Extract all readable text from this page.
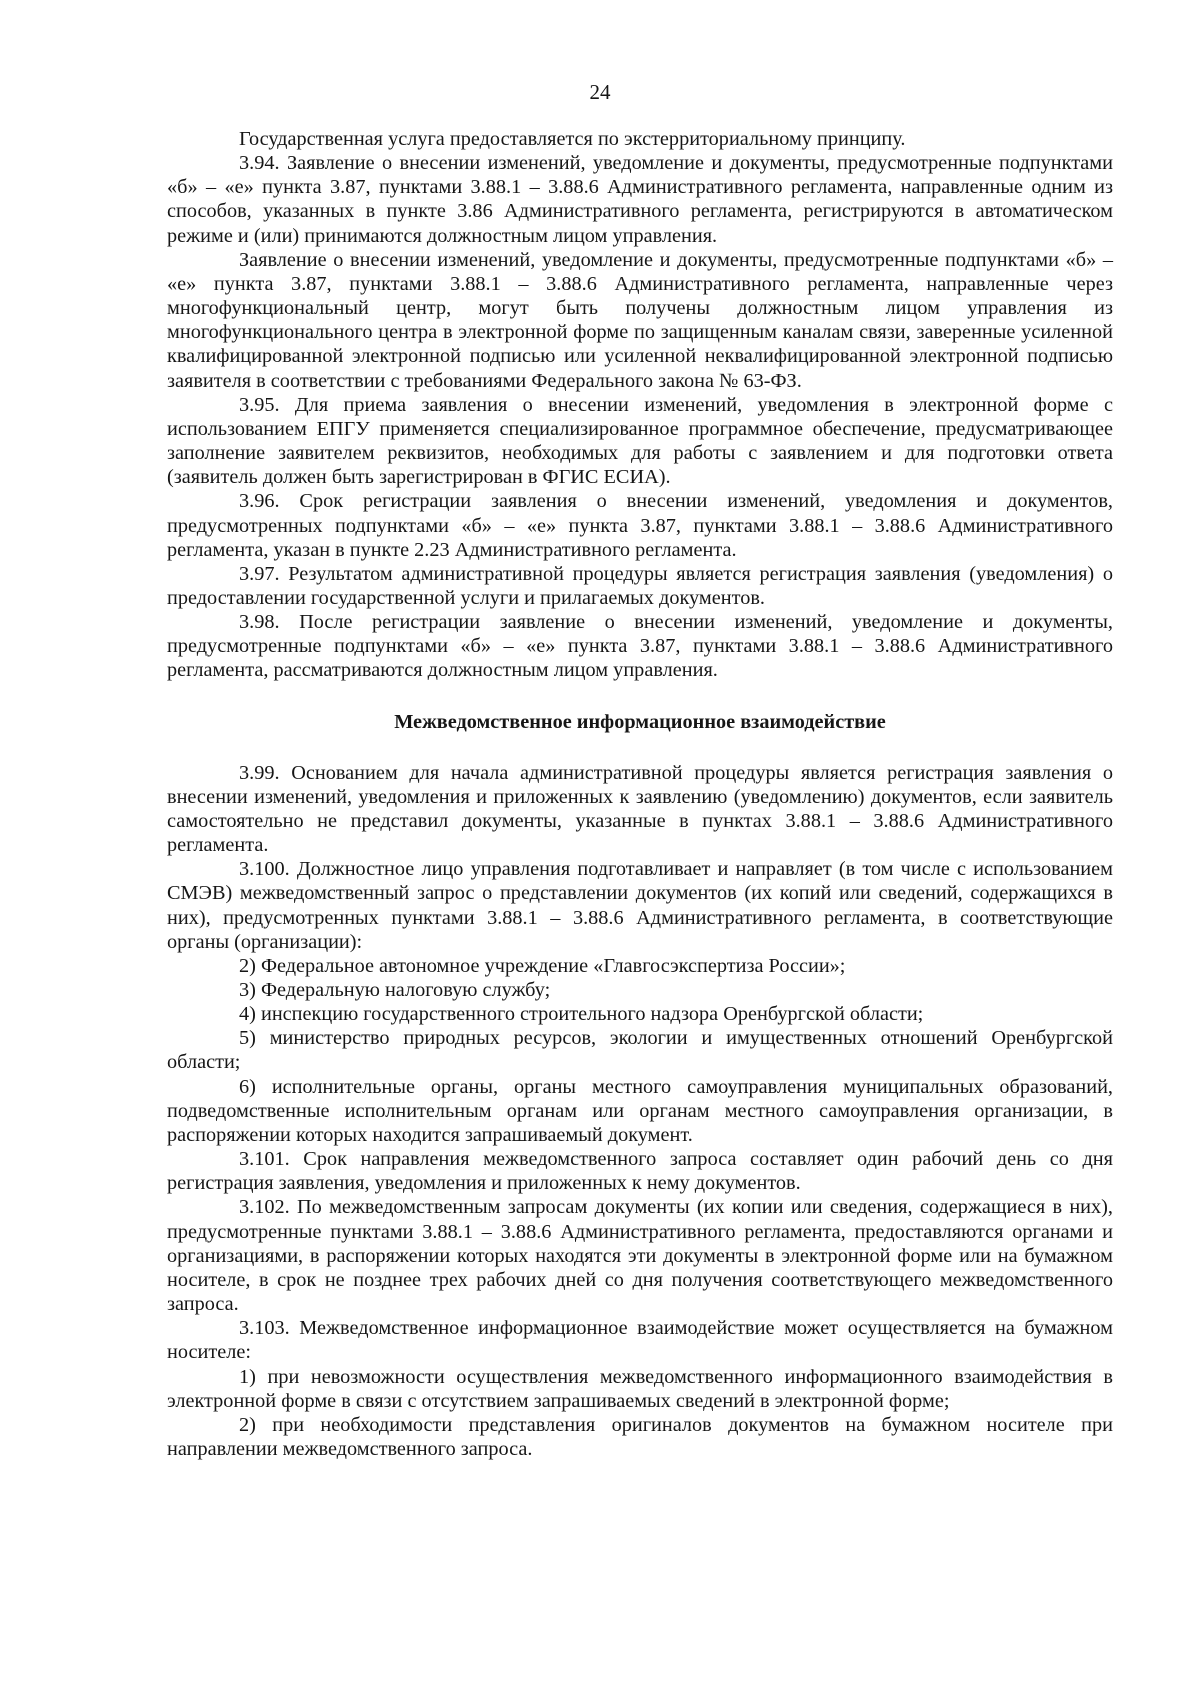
24

Государственная услуга предоставляется по экстерриториальному принципу.

3.94. Заявление о внесении изменений, уведомление и документы, предусмотренные подпунктами «б» – «е» пункта 3.87, пунктами 3.88.1 – 3.88.6 Административного регламента, направленные одним из способов, указанных в пункте 3.86 Административного регламента, регистрируются в автоматическом режиме и (или) принимаются должностным лицом управления.

Заявление о внесении изменений, уведомление и документы, предусмотренные подпунктами «б» – «е» пункта 3.87, пунктами 3.88.1 – 3.88.6 Административного регламента, направленные через многофункциональный центр, могут быть получены должностным лицом управления из многофункционального центра в электронной форме по защищенным каналам связи, заверенные усиленной квалифицированной электронной подписью или усиленной неквалифицированной электронной подписью заявителя в соответствии с требованиями Федерального закона № 63-ФЗ.

3.95. Для приема заявления о внесении изменений, уведомления в электронной форме с использованием ЕПГУ применяется специализированное программное обеспечение, предусматривающее заполнение заявителем реквизитов, необходимых для работы с заявлением и для подготовки ответа (заявитель должен быть зарегистрирован в ФГИС ЕСИА).

3.96. Срок регистрации заявления о внесении изменений, уведомления и документов, предусмотренных подпунктами «б» – «е» пункта 3.87, пунктами 3.88.1 – 3.88.6 Административного регламента, указан в пункте 2.23 Административного регламента.

3.97. Результатом административной процедуры является регистрация заявления (уведомления) о предоставлении государственной услуги и прилагаемых документов.

3.98. После регистрации заявление о внесении изменений, уведомление и документы, предусмотренные подпунктами «б» – «е» пункта 3.87, пунктами 3.88.1 – 3.88.6 Административного регламента, рассматриваются должностным лицом управления.

Межведомственное информационное взаимодействие

3.99. Основанием для начала административной процедуры является регистрация заявления о внесении изменений, уведомления и приложенных к заявлению (уведомлению) документов, если заявитель самостоятельно не представил документы, указанные в пунктах 3.88.1 – 3.88.6 Административного регламента.

3.100. Должностное лицо управления подготавливает и направляет (в том числе с использованием СМЭВ) межведомственный запрос о представлении документов (их копий или сведений, содержащихся в них), предусмотренных пунктами 3.88.1 – 3.88.6 Административного регламента, в соответствующие органы (организации):

2) Федеральное автономное учреждение «Главгосэкспертиза России»;

3) Федеральную налоговую службу;

4) инспекцию государственного строительного надзора Оренбургской области;

5) министерство природных ресурсов, экологии и имущественных отношений Оренбургской области;

6) исполнительные органы, органы местного самоуправления муниципальных образований, подведомственные исполнительным органам или органам местного самоуправления организации, в распоряжении которых находится запрашиваемый документ.

3.101. Срок направления межведомственного запроса составляет один рабочий день со дня регистрация заявления, уведомления и приложенных к нему документов.

3.102. По межведомственным запросам документы (их копии или сведения, содержащиеся в них), предусмотренные пунктами 3.88.1 – 3.88.6 Административного регламента, предоставляются органами и организациями, в распоряжении которых находятся эти документы в электронной форме или на бумажном носителе, в срок не позднее трех рабочих дней со дня получения соответствующего межведомственного запроса.

3.103. Межведомственное информационное взаимодействие может осуществляется на бумажном носителе:

1) при невозможности осуществления межведомственного информационного взаимодействия в электронной форме в связи с отсутствием запрашиваемых сведений в электронной форме;

2) при необходимости представления оригиналов документов на бумажном носителе при направлении межведомственного запроса.
